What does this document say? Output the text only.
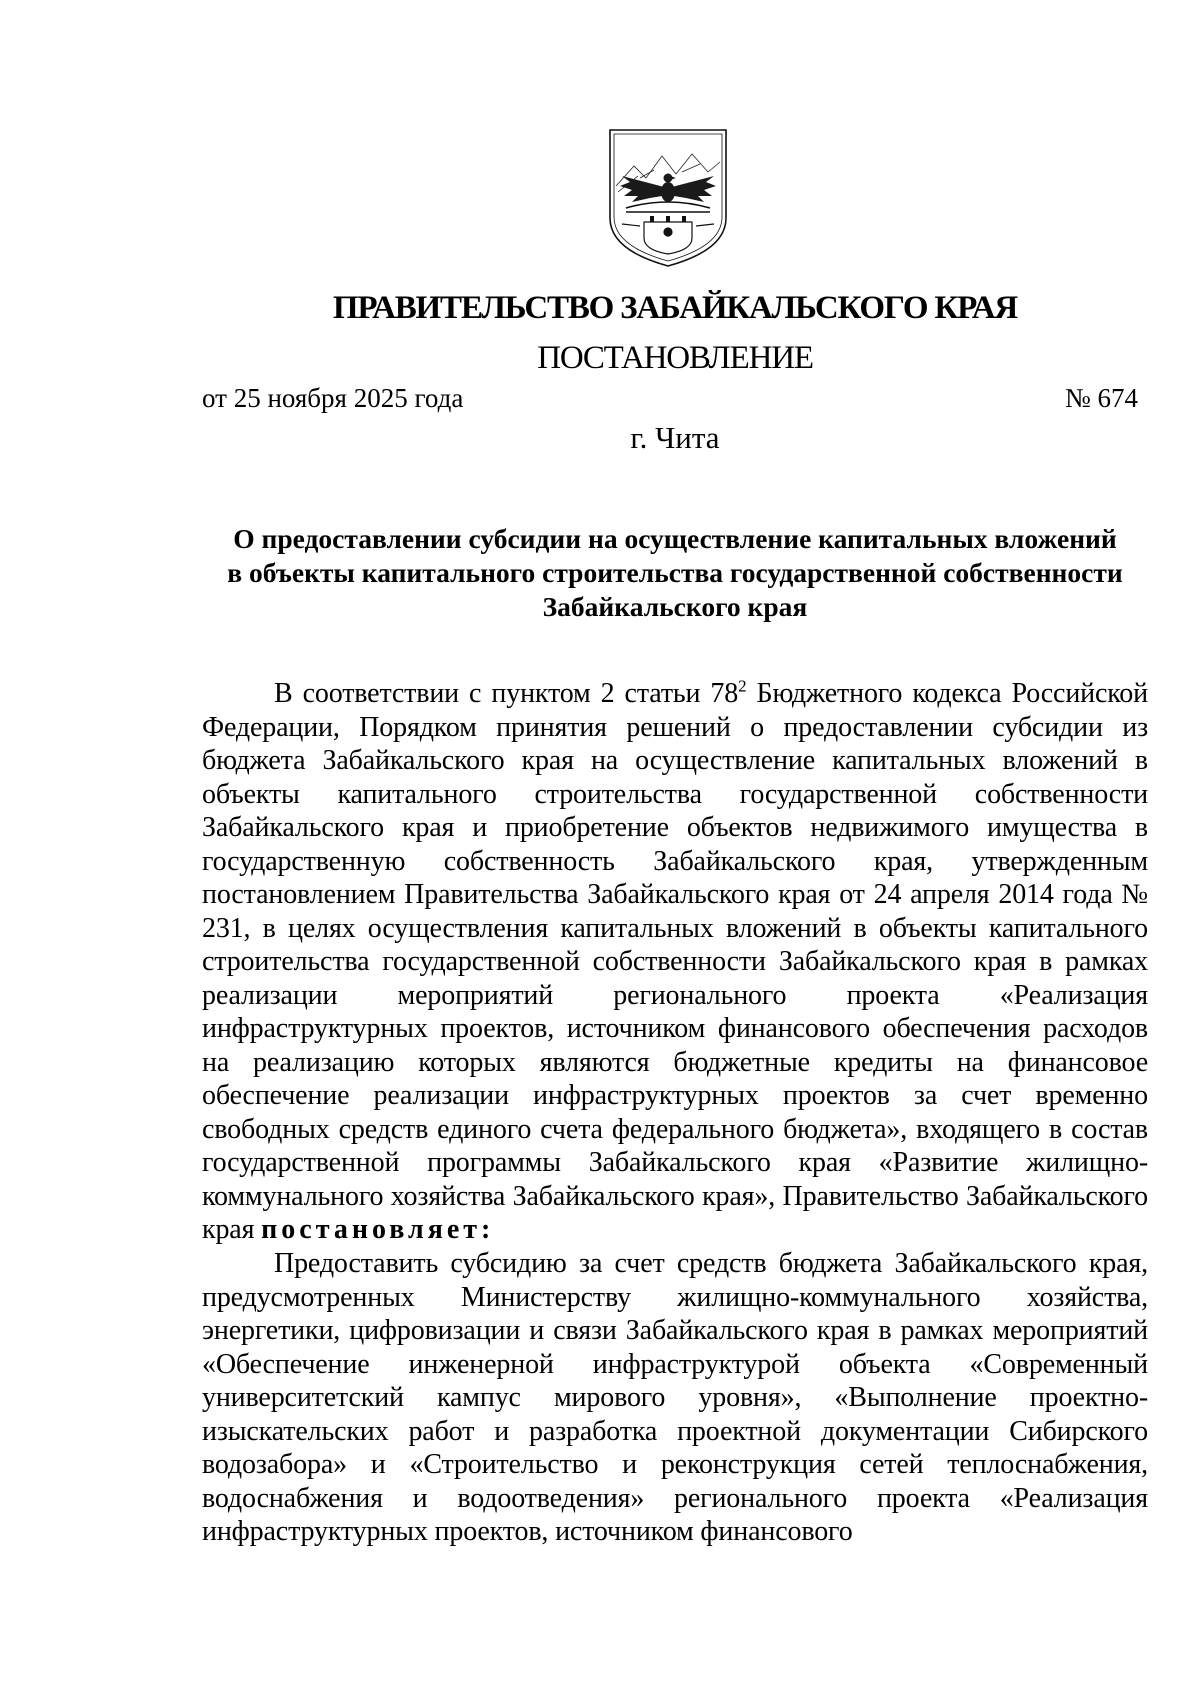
ПРАВИТЕЛЬСТВО ЗАБАЙКАЛЬСКОГО КРАЯ
ПОСТАНОВЛЕНИЕ
от 25 ноября 2025 года	№ 674
г. Чита
О предоставлении субсидии на осуществление капитальных вложений
в объекты капитального строительства государственной собственности
Забайкальского края

В соответствии с пунктом 2 статьи $78^2$ Бюджетного кодекса Российской Федерации, Порядком принятия решений о предоставлении субсидии из бюджета Забайкальского края на осуществление капитальных вложений в объекты капитального строительства государственной собственности Забайкальского края и приобретение объектов недвижимого имущества в государственную собственность Забайкальского края, утвержденным постановлением Правительства Забайкальского края от 24 апреля 2014 года № 231, в целях осуществления капитальных вложений в объекты капитального строительства государственной собственности Забайкальского края в рамках реализации мероприятий регионального проекта «Реализация инфраструктурных проектов, источником финансового обеспечения расходов на реализацию которых являются бюджетные кредиты на финансовое обеспечение реализации инфраструктурных проектов за счет временно свободных средств единого счета федерального бюджета», входящего в состав государственной программы Забайкальского края «Развитие жилищно-коммунального хозяйства Забайкальского края», Правительство Забайкальского края постановляет:

Предоставить субсидию за счет средств бюджета Забайкальского края, предусмотренных Министерству жилищно-коммунального хозяйства, энергетики, цифровизации и связи Забайкальского края в рамках мероприятий «Обеспечение инженерной инфраструктурой объекта «Современный университетский кампус мирового уровня», «Выполнение проектно-изыскательских работ и разработка проектной документации Сибирского водозабора» и «Строительство и реконструкция сетей теплоснабжения, водоснабжения и водоотведения» регионального проекта «Реализация инфраструктурных проектов, источником финансового
